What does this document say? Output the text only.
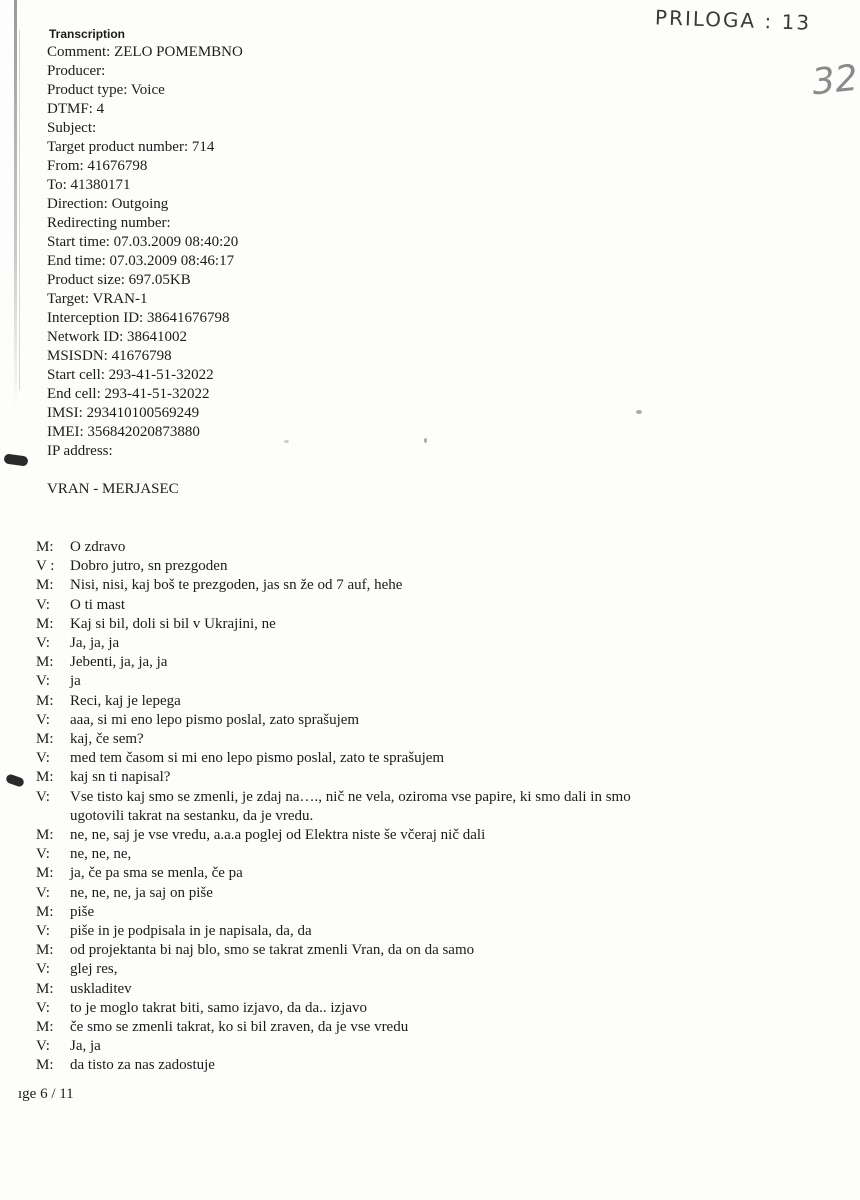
PRILOGA : 13
32
Transcription
Comment: ZELO POMEMBNO
Producer:
Product type: Voice
DTMF: 4
Subject:
Target product number: 714
From: 41676798
To: 41380171
Direction: Outgoing
Redirecting number:
Start time: 07.03.2009 08:40:20
End time: 07.03.2009 08:46:17
Product size: 697.05KB
Target: VRAN-1
Interception ID: 38641676798
Network ID: 38641002
MSISDN: 41676798
Start cell: 293-41-51-32022
End cell: 293-41-51-32022
IMSI: 293410100569249
IMEI: 356842020873880
IP address:
VRAN - MERJASEC
M:	O zdravo
V :	Dobro jutro, sn prezgoden
M:	Nisi, nisi, kaj boš te prezgoden, jas sn že od 7 auf, hehe
V:	O ti mast
M:	Kaj si bil, doli si bil v Ukrajini, ne
V:	Ja, ja, ja
M:	Jebenti, ja, ja, ja
V:	ja
M:	Reci, kaj je lepega
V:	aaa, si mi eno lepo pismo poslal, zato sprašujem
M:	kaj, če sem?
V:	med tem časom si mi eno lepo pismo poslal, zato te sprašujem
M:	kaj sn ti napisal?
V:	Vse tisto kaj smo se zmenli, je zdaj na…., nič ne vela, oziroma vse papire, ki smo dali in smo ugotovili takrat na sestanku, da je vredu.
M:	ne, ne, saj je vse vredu, a.a.a poglej od Elektra niste še včeraj nič dali
V:	ne, ne, ne,
M:	ja, če pa sma se menla, če pa
V:	ne, ne, ne, ja saj on piše
M:	piše
V:	piše in je podpisala in je napisala, da, da
M:	od projektanta bi naj blo, smo se takrat zmenli Vran, da on da samo
V:	glej res,
M:	uskladitev
V:	to je moglo takrat biti, samo izjavo, da da.. izjavo
M:	če smo se zmenli takrat, ko si bil zraven, da je vse vredu
V:	Ja, ja
M:	da tisto za nas zadostuje
ıge 6 / 11
